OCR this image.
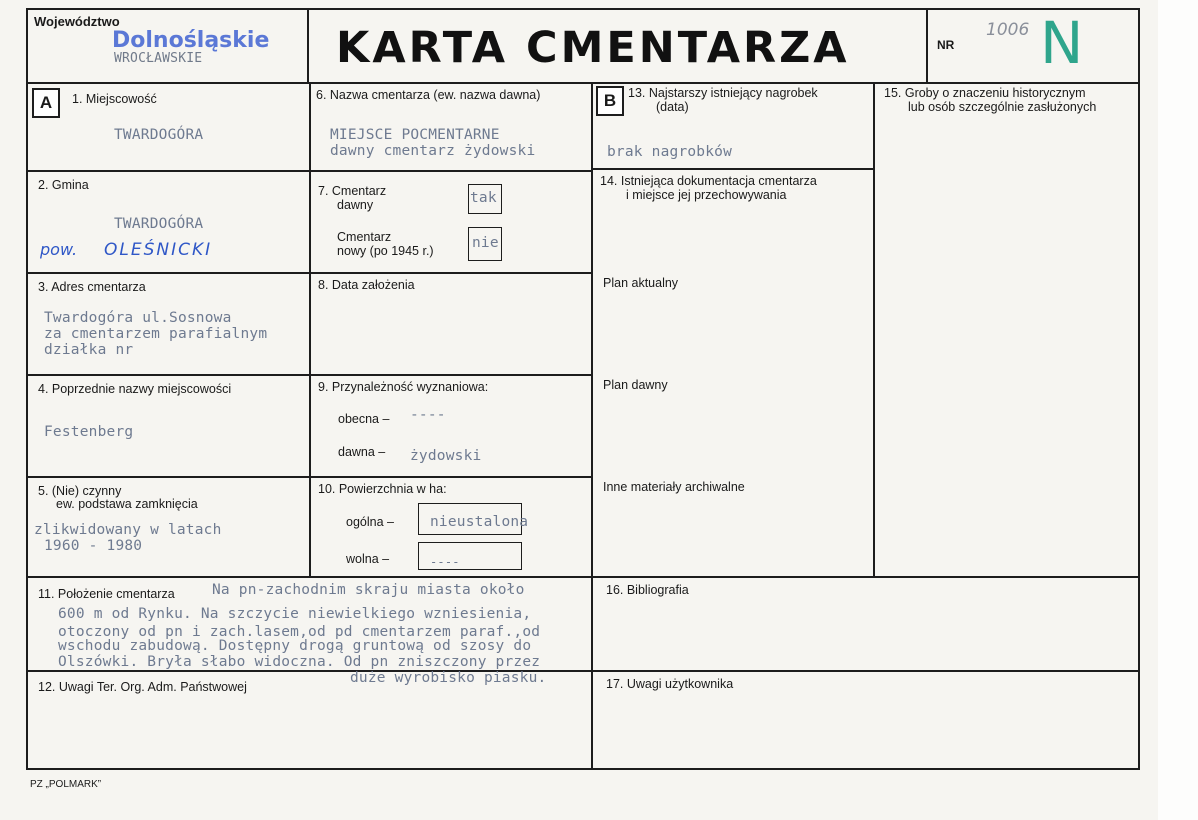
Województwo
Dolnośląskie
WROCŁAWSKIE	KARTA CMENTARZA	NR
1006 N
A	B
1. Miejscowość
TWARDOGÓRA
2. Gmina
TWARDOGÓRA
pow. OLEŚNICKI
3. Adres cmentarza
Twardogóra ul.Sosnowa
za cmentarzem parafialnym
działka nr
4. Poprzednie nazwy miejscowości
Festenberg
5. (Nie) czynny
ew. podstawa zamknięcia
zlikwidowany w latach
1960 - 1980
6. Nazwa cmentarza (ew. nazwa dawna)
MIEJSCE POCMENTARNE
dawny cmentarz żydowski
7. Cmentarz
dawny	tak
Cmentarz
nowy (po 1945 r.)	nie
8. Data założenia
9. Przynależność wyznaniowa:
obecna – ----
dawna – żydowski
10. Powierzchnia w ha:
ogólna – nieustalona
wolna –	----
11. Położenie cmentarza	Na pn-zachodnim skraju miasta około
600 m od Rynku. Na szczycie niewielkiego wzniesienia,
otoczony od pn i zach.lasem,od pd cmentarzem paraf.,od
wschodu zabudową. Dostępny drogą gruntową od szosy do
Olszówki. Bryła słabo widoczna. Od pn zniszczony przez
duże wyrobisko piasku.
12. Uwagi Ter. Org. Adm. Państwowej
13. Najstarszy istniejący nagrobek
(data)
brak nagrobków
14. Istniejąca dokumentacja cmentarza
i miejsce jej przechowywania
Plan aktualny
Plan dawny
Inne materiały archiwalne
15. Groby o znaczeniu historycznym
lub osób szczególnie zasłużonych
16. Bibliografia
17. Uwagi użytkownika
PZ „POLMARK”
